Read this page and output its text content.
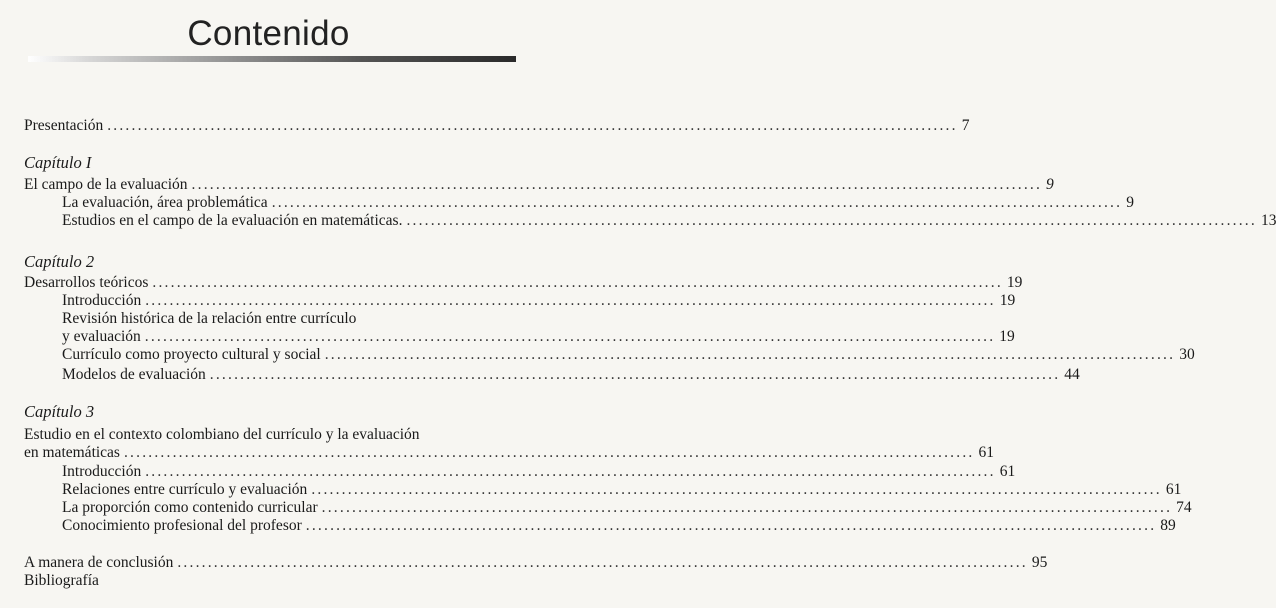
Contenido
Presentación ............................................................................................................................................ 7
Capítulo I
El campo de la evaluación ............................................................................................................................................ 9
La evaluación, área problemática ............................................................................................................................................ 9
Estudios en el campo de la evaluación en matemáticas. ............................................................................................................................................ 13
Capítulo 2
Desarrollos teóricos ............................................................................................................................................ 19
Introducción ............................................................................................................................................ 19
Revisión histórica de la relación entre currículo
y evaluación ............................................................................................................................................ 19
Currículo como proyecto cultural y social ............................................................................................................................................ 30
Modelos de evaluación ............................................................................................................................................ 44
Capítulo 3
Estudio en el contexto colombiano del currículo y la evaluación
en matemáticas ............................................................................................................................................ 61
Introducción ............................................................................................................................................ 61
Relaciones entre currículo y evaluación ............................................................................................................................................ 61
La proporción como contenido curricular ............................................................................................................................................ 74
Conocimiento profesional del profesor ............................................................................................................................................ 89
A manera de conclusión ............................................................................................................................................ 95
Bibliografía
